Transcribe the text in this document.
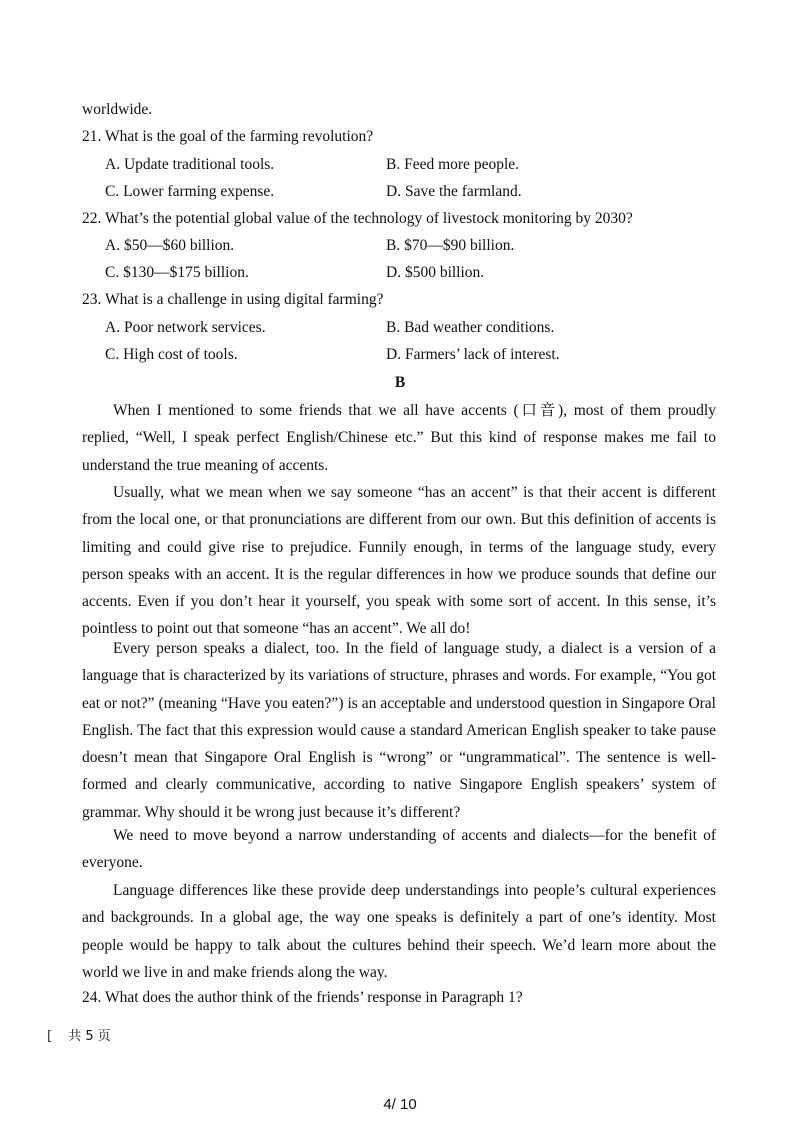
worldwide.
21. What is the goal of the farming revolution?
A. Update traditional tools.	B. Feed more people.
C. Lower farming expense.	D. Save the farmland.
22. What’s the potential global value of the technology of livestock monitoring by 2030?
A. $50—$60 billion.	B. $70—$90 billion.
C. $130—$175 billion.	D. $500 billion.
23. What is a challenge in using digital farming?
A. Poor network services.	B. Bad weather conditions.
C. High cost of tools.	D. Farmers’ lack of interest.
B
When I mentioned to some friends that we all have accents (口音), most of them proudly replied, “Well, I speak perfect English/Chinese etc.” But this kind of response makes me fail to understand the true meaning of accents.
Usually, what we mean when we say someone “has an accent” is that their accent is different from the local one, or that pronunciations are different from our own. But this definition of accents is limiting and could give rise to prejudice. Funnily enough, in terms of the language study, every person speaks with an accent. It is the regular differences in how we produce sounds that define our accents. Even if you don’t hear it yourself, you speak with some sort of accent. In this sense, it’s pointless to point out that someone “has an accent”. We all do!
Every person speaks a dialect, too. In the field of language study, a dialect is a version of a language that is characterized by its variations of structure, phrases and words. For example, “You got eat or not?” (meaning “Have you eaten?”) is an acceptable and understood question in Singapore Oral English. The fact that this expression would cause a standard American English speaker to take pause doesn’t mean that Singapore Oral English is “wrong” or “ungrammatical”. The sentence is well-formed and clearly communicative, according to native Singapore English speakers’ system of grammar. Why should it be wrong just because it’s different?
We need to move beyond a narrow understanding of accents and dialects—for the benefit of everyone.
Language differences like these provide deep understandings into people’s cultural experiences and backgrounds. In a global age, the way one speaks is definitely a part of one’s identity. Most people would be happy to talk about the cultures behind their speech. We’d learn more about the world we live in and make friends along the way.
24. What does the author think of the friends’ response in Paragraph 1?
[ 共 5 页
4/ 10
